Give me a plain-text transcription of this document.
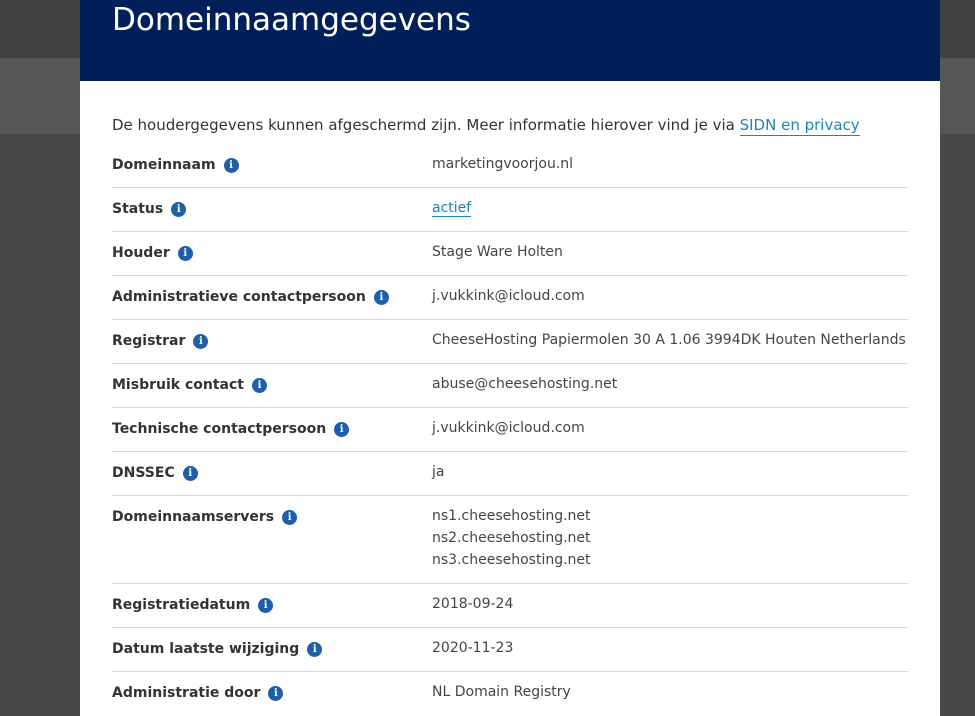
Domeinnaamgegevens

De houdergegevens kunnen afgeschermd zijn. Meer informatie hierover vind je via SIDN en privacy

Domeinnaam	i	marketingvoorjou.nl
Status	i	actief
Houder	i	Stage Ware Holten
Administratieve contactpersoon	i	j.vukkink@icloud.com
Registrar	i	CheeseHosting Papiermolen 30 A 1.06 3994DK Houten Netherlands
Misbruik contact	i	abuse@cheesehosting.net
Technische contactpersoon	i	j.vukkink@icloud.com
DNSSEC	i	ja
Domeinnaamservers	i	ns1.cheesehosting.net
ns2.cheesehosting.net
ns3.cheesehosting.net
Registratiedatum	i	2018-09-24
Datum laatste wijziging	i	2020-11-23
Administratie door	i	NL Domain Registry
